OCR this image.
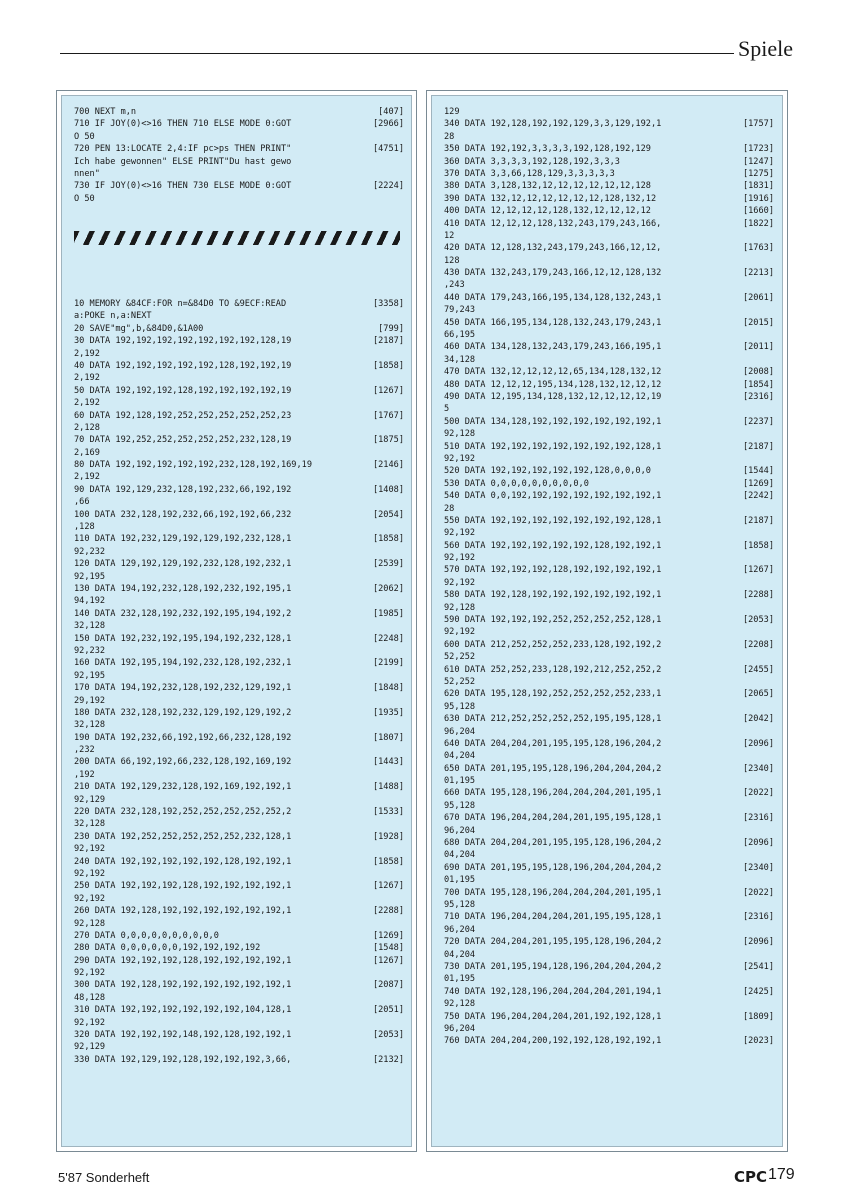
Spiele
700 NEXT m,n	[407]
710 IF JOY(0)<>16 THEN 710 ELSE MODE 0:GOT	[2966]
O 50
720 PEN 13:LOCATE 2,4:IF pc>ps THEN PRINT"	[4751]
Ich habe gewonnen" ELSE PRINT"Du hast gewo
nnen"
730 IF JOY(0)<>16 THEN 730 ELSE MODE 0:GOT	[2224]
O 50
10 MEMORY &84CF:FOR n=&84D0 TO &9ECF:READ	[3358]
a:POKE n,a:NEXT
20 SAVE"mg",b,&84D0,&1A00	[799]
30 DATA 192,192,192,192,192,192,192,128,19	[2187]
2,192
40 DATA 192,192,192,192,192,128,192,192,19	[1858]
2,192
50 DATA 192,192,192,128,192,192,192,192,19	[1267]
2,192
60 DATA 192,128,192,252,252,252,252,252,23	[1767]
2,128
70 DATA 192,252,252,252,252,252,232,128,19	[1875]
2,169
80 DATA 192,192,192,192,192,232,128,192,169,19	[2146]
2,192
90 DATA 192,129,232,128,192,232,66,192,192	[1408]
,66
100 DATA 232,128,192,232,66,192,192,66,232	[2054]
,128
110 DATA 192,232,129,192,129,192,232,128,1	[1858]
92,232
120 DATA 129,192,129,192,232,128,192,232,1	[2539]
92,195
130 DATA 194,192,232,128,192,232,192,195,1	[2062]
94,192
140 DATA 232,128,192,232,192,195,194,192,2	[1985]
32,128
150 DATA 192,232,192,195,194,192,232,128,1	[2248]
92,232
160 DATA 192,195,194,192,232,128,192,232,1	[2199]
92,195
170 DATA 194,192,232,128,192,232,129,192,1	[1848]
29,192
180 DATA 232,128,192,232,129,192,129,192,2	[1935]
32,128
190 DATA 192,232,66,192,192,66,232,128,192	[1807]
,232
200 DATA 66,192,192,66,232,128,192,169,192	[1443]
,192
210 DATA 192,129,232,128,192,169,192,192,1	[1488]
92,129
220 DATA 232,128,192,252,252,252,252,252,2	[1533]
32,128
230 DATA 192,252,252,252,252,252,232,128,1	[1928]
92,192
240 DATA 192,192,192,192,192,128,192,192,1	[1858]
92,192
250 DATA 192,192,192,128,192,192,192,192,1	[1267]
92,192
260 DATA 192,128,192,192,192,192,192,192,1	[2288]
92,128
270 DATA 0,0,0,0,0,0,0,0,0,0	[1269]
280 DATA 0,0,0,0,0,0,192,192,192,192	[1548]
290 DATA 192,192,192,128,192,192,192,192,1	[1267]
92,192
300 DATA 192,128,192,192,192,192,192,192,1	[2087]
48,128
310 DATA 192,192,192,192,192,192,104,128,1	[2051]
92,192
320 DATA 192,192,192,148,192,128,192,192,1	[2053]
92,129
330 DATA 192,129,192,128,192,192,192,3,66,	[2132]
129
340 DATA 192,128,192,192,129,3,3,129,192,1	[1757]
28
350 DATA 192,192,3,3,3,3,192,128,192,129	[1723]
360 DATA 3,3,3,3,192,128,192,3,3,3	[1247]
370 DATA 3,3,66,128,129,3,3,3,3,3	[1275]
380 DATA 3,128,132,12,12,12,12,12,12,128	[1831]
390 DATA 132,12,12,12,12,12,12,128,132,12	[1916]
400 DATA 12,12,12,12,128,132,12,12,12,12	[1660]
410 DATA 12,12,12,128,132,243,179,243,166,	[1822]
12
420 DATA 12,128,132,243,179,243,166,12,12,	[1763]
128
430 DATA 132,243,179,243,166,12,12,128,132	[2213]
,243
440 DATA 179,243,166,195,134,128,132,243,1	[2061]
79,243
450 DATA 166,195,134,128,132,243,179,243,1	[2015]
66,195
460 DATA 134,128,132,243,179,243,166,195,1	[2011]
34,128
470 DATA 132,12,12,12,12,65,134,128,132,12	[2008]
480 DATA 12,12,12,195,134,128,132,12,12,12	[1854]
490 DATA 12,195,134,128,132,12,12,12,12,19	[2316]
5
500 DATA 134,128,192,192,192,192,192,192,1	[2237]
92,128
510 DATA 192,192,192,192,192,192,192,128,1	[2187]
92,192
520 DATA 192,192,192,192,192,128,0,0,0,0	[1544]
530 DATA 0,0,0,0,0,0,0,0,0,0	[1269]
540 DATA 0,0,192,192,192,192,192,192,192,1	[2242]
28
550 DATA 192,192,192,192,192,192,192,128,1	[2187]
92,192
560 DATA 192,192,192,192,192,128,192,192,1	[1858]
92,192
570 DATA 192,192,192,128,192,192,192,192,1	[1267]
92,192
580 DATA 192,128,192,192,192,192,192,192,1	[2288]
92,128
590 DATA 192,192,192,252,252,252,252,128,1	[2053]
92,192
600 DATA 212,252,252,252,233,128,192,192,2	[2208]
52,252
610 DATA 252,252,233,128,192,212,252,252,2	[2455]
52,252
620 DATA 195,128,192,252,252,252,252,233,1	[2065]
95,128
630 DATA 212,252,252,252,252,195,195,128,1	[2042]
96,204
640 DATA 204,204,201,195,195,128,196,204,2	[2096]
04,204
650 DATA 201,195,195,128,196,204,204,204,2	[2340]
01,195
660 DATA 195,128,196,204,204,204,201,195,1	[2022]
95,128
670 DATA 196,204,204,204,201,195,195,128,1	[2316]
96,204
680 DATA 204,204,201,195,195,128,196,204,2	[2096]
04,204
690 DATA 201,195,195,128,196,204,204,204,2	[2340]
01,195
700 DATA 195,128,196,204,204,204,201,195,1	[2022]
95,128
710 DATA 196,204,204,204,201,195,195,128,1	[2316]
96,204
720 DATA 204,204,201,195,195,128,196,204,2	[2096]
04,204
730 DATA 201,195,194,128,196,204,204,204,2	[2541]
01,195
740 DATA 192,128,196,204,204,204,201,194,1	[2425]
92,128
750 DATA 196,204,204,204,201,192,192,128,1	[1809]
96,204
760 DATA 204,204,200,192,192,128,192,192,1	[2023]
5'87 Sonderheft	CPC 179
